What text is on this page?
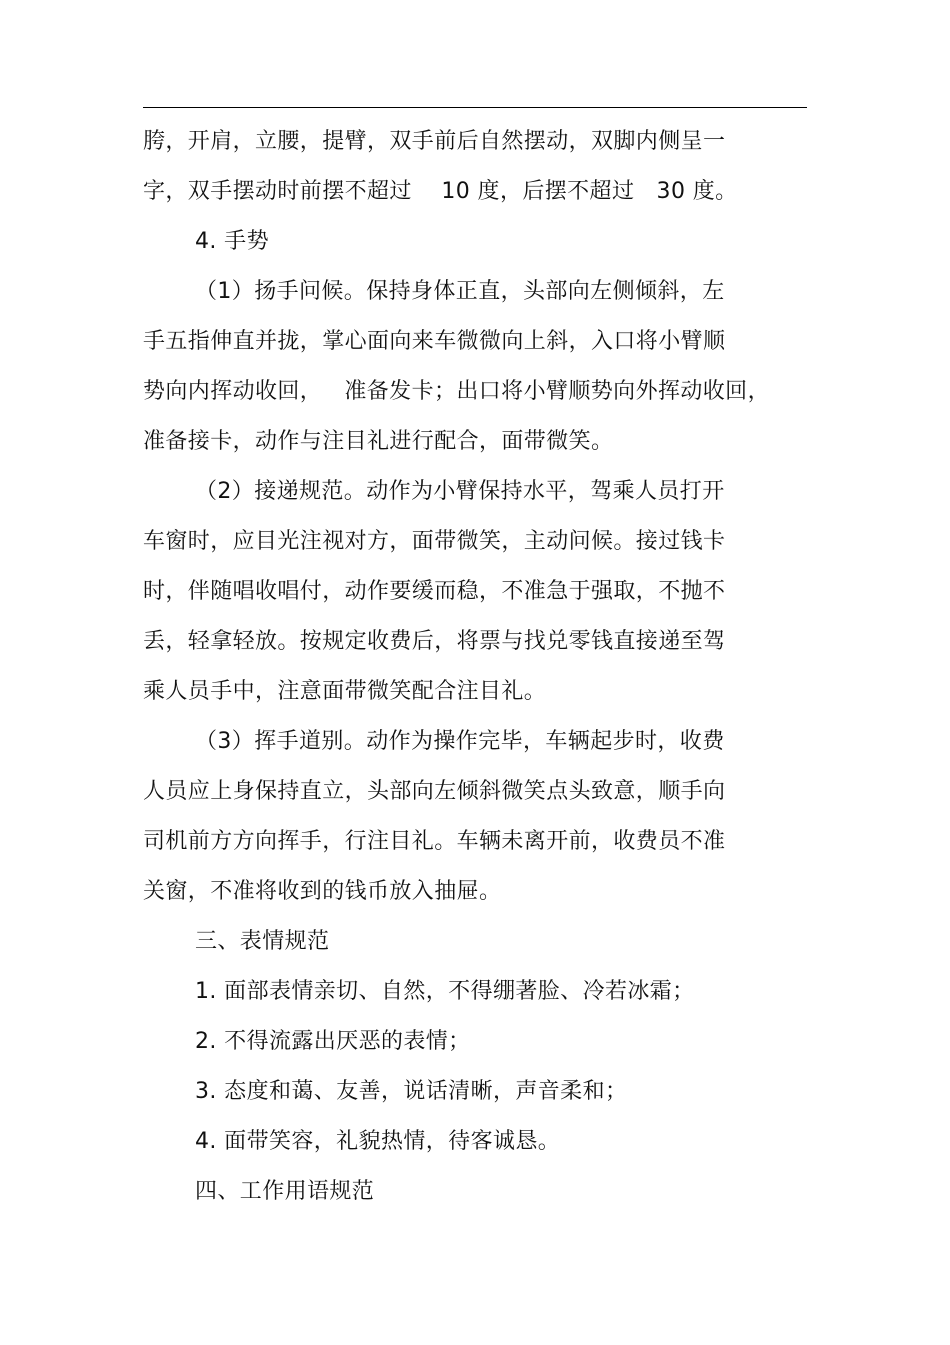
胯，开肩，立腰，提臂，双手前后自然摆动，双脚内侧呈一
字，双手摆动时前摆不超过    10 度，后摆不超过   30 度。
4. 手势
（1）扬手问候。保持身体正直，头部向左侧倾斜，左
手五指伸直并拢，掌心面向来车微微向上斜，入口将小臂顺
势向内挥动收回，   准备发卡；出口将小臂顺势向外挥动收回，
准备接卡，动作与注目礼进行配合，面带微笑。
（2）接递规范。动作为小臂保持水平，驾乘人员打开
车窗时，应目光注视对方，面带微笑，主动问候。接过钱卡
时，伴随唱收唱付，动作要缓而稳，不准急于强取，不抛不
丢，轻拿轻放。按规定收费后，将票与找兑零钱直接递至驾
乘人员手中，注意面带微笑配合注目礼。
（3）挥手道别。动作为操作完毕，车辆起步时，收费
人员应上身保持直立，头部向左倾斜微笑点头致意，顺手向
司机前方方向挥手，行注目礼。车辆未离开前，收费员不准
关窗，不准将收到的钱币放入抽屉。
三、表情规范
1. 面部表情亲切、自然，不得绷著脸、冷若冰霜；
2. 不得流露出厌恶的表情；
3. 态度和蔼、友善，说话清晰，声音柔和；
4. 面带笑容，礼貌热情，待客诚恳。
四、工作用语规范
